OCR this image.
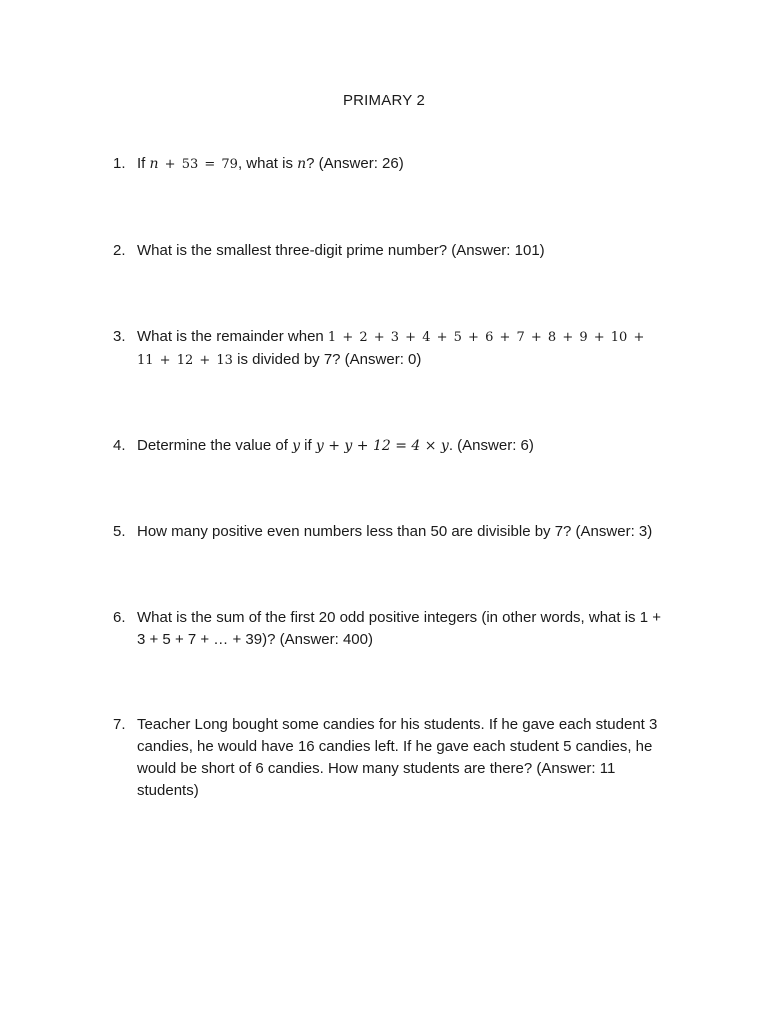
PRIMARY 2
1. If n + 53 = 79, what is n? (Answer: 26)
2. What is the smallest three-digit prime number? (Answer: 101)
3. What is the remainder when 1 + 2 + 3 + 4 + 5 + 6 + 7 + 8 + 9 + 10 +
11 + 12 + 13 is divided by 7? (Answer: 0)
4. Determine the value of y if y + y + 12 = 4 × y. (Answer: 6)
5. How many positive even numbers less than 50 are divisible by 7? (Answer: 3)
6. What is the sum of the first 20 odd positive integers (in other words, what is 1 +
3 + 5 + 7 + … + 39)? (Answer: 400)
7. Teacher Long bought some candies for his students. If he gave each student 3
candies, he would have 16 candies left. If he gave each student 5 candies, he
would be short of 6 candies. How many students are there? (Answer: 11
students)
